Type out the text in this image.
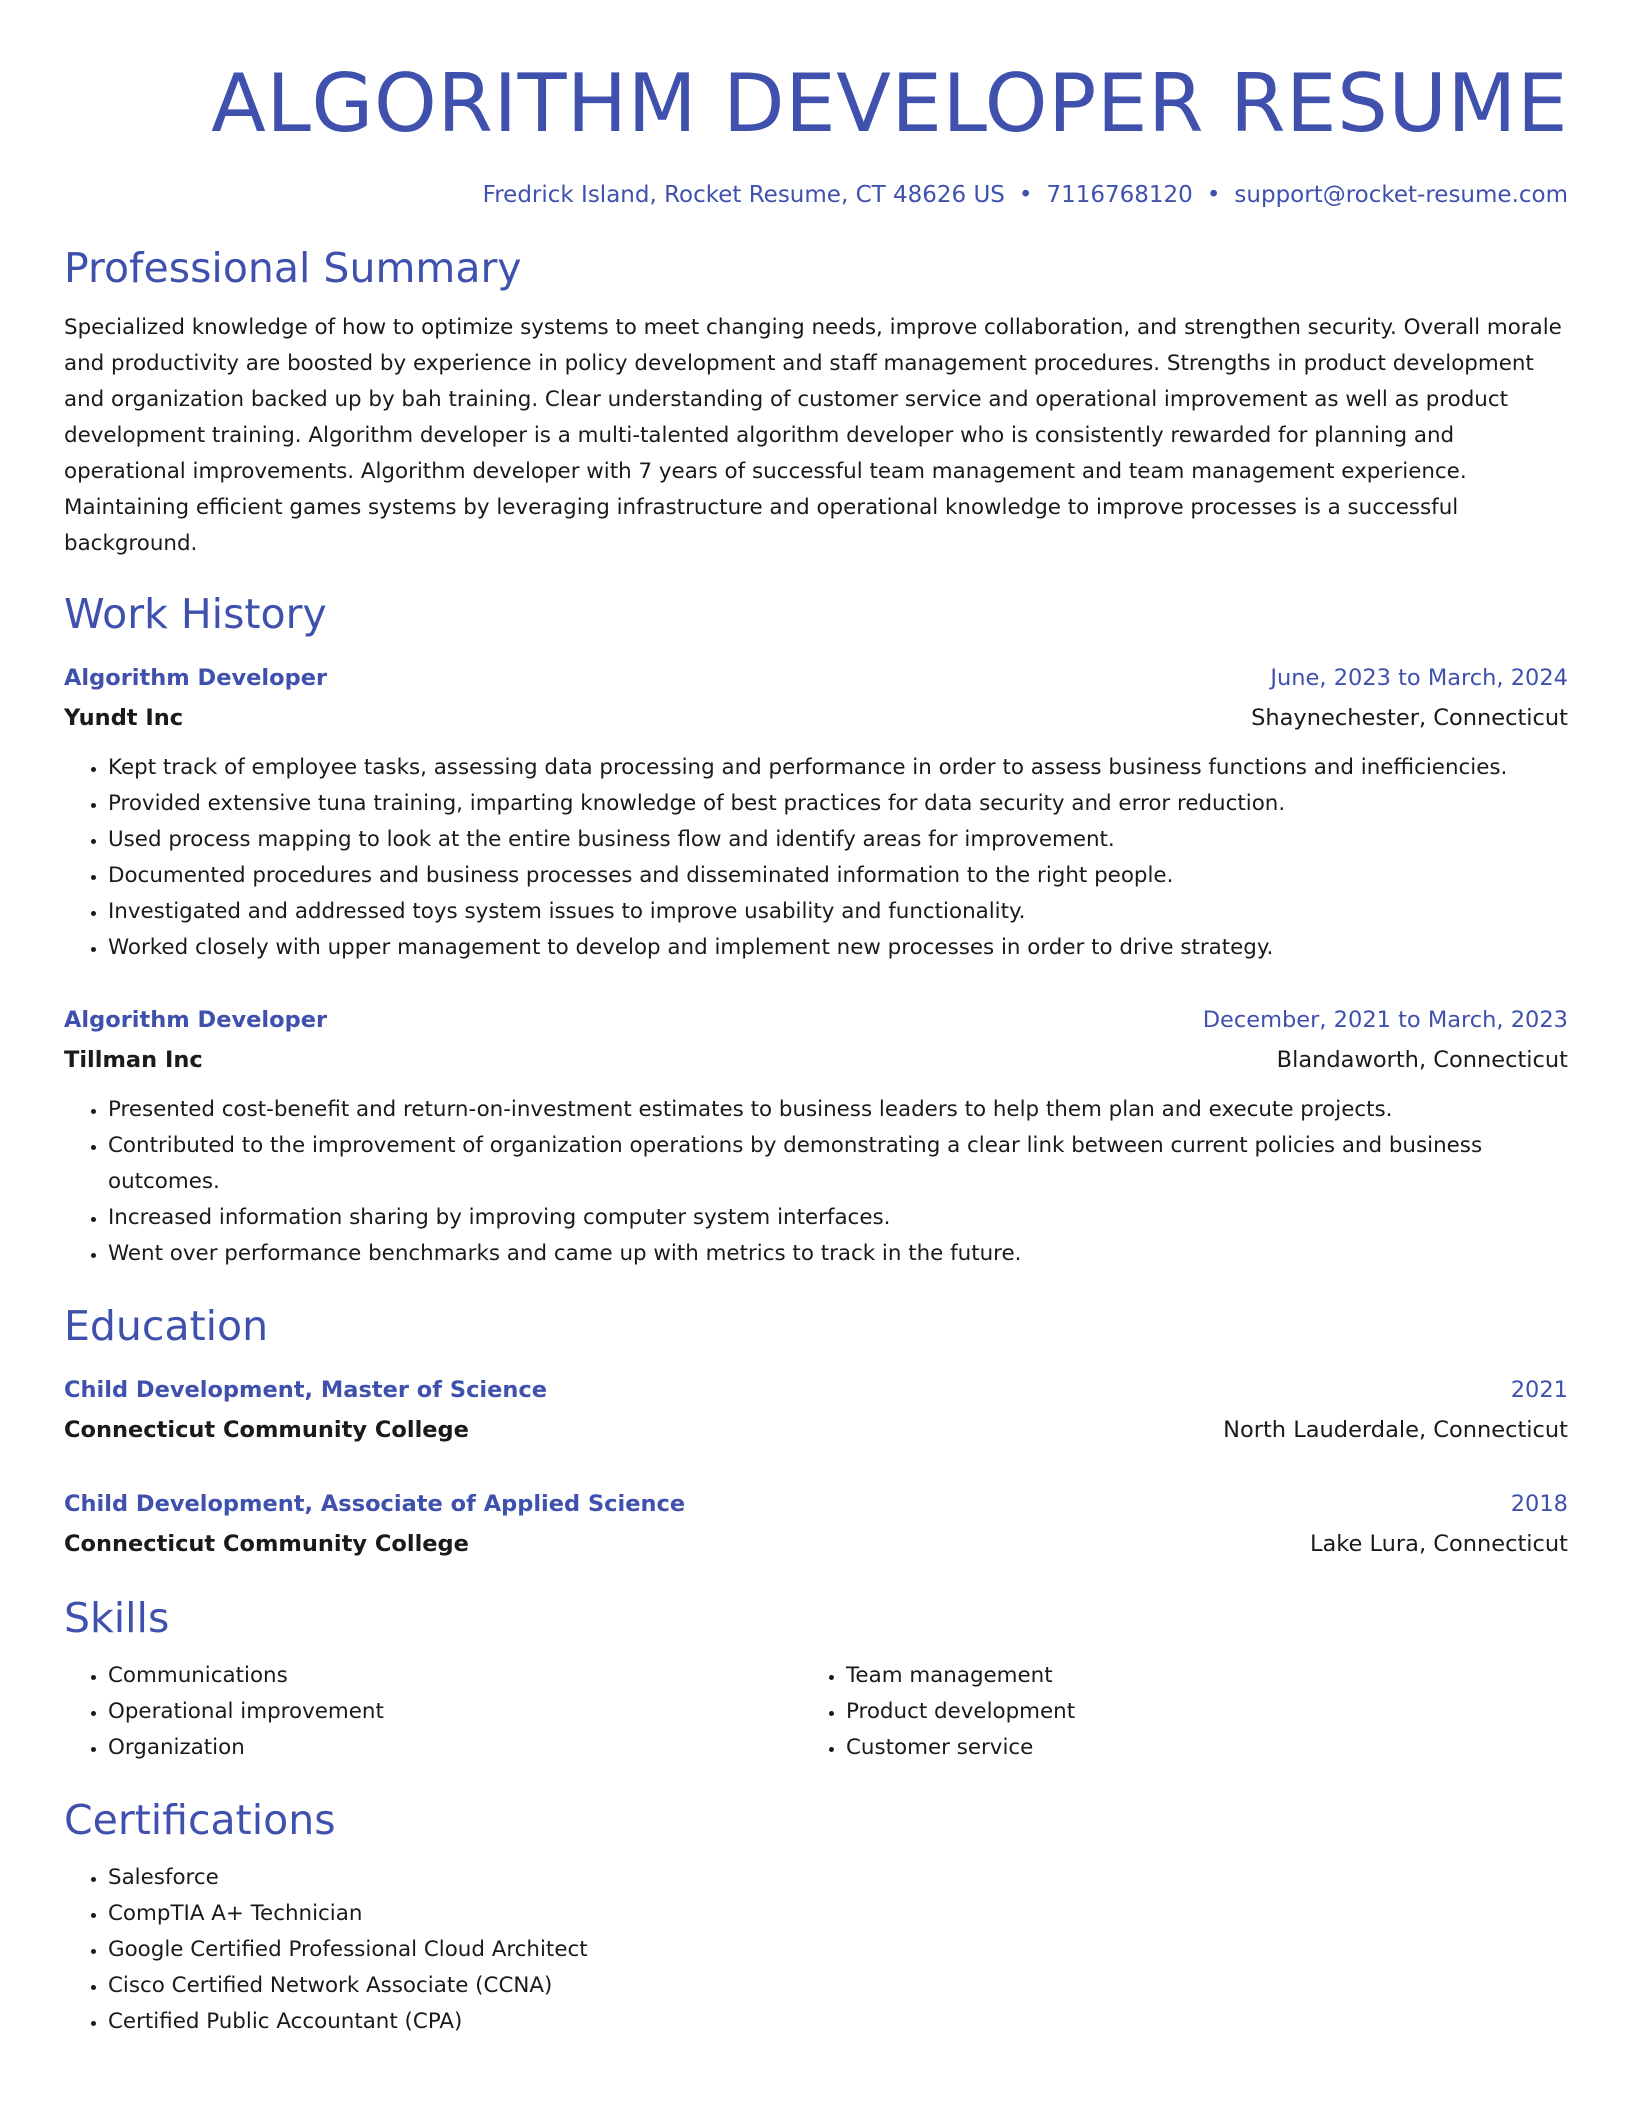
ALGORITHM DEVELOPER RESUME
Fredrick Island, Rocket Resume, CT 48626 US • 7116768120 • support@rocket-resume.com
Professional Summary
Specialized knowledge of how to optimize systems to meet changing needs, improve collaboration, and strengthen security. Overall morale and productivity are boosted by experience in policy development and staff management procedures. Strengths in product development and organization backed up by bah training. Clear understanding of customer service and operational improvement as well as product development training. Algorithm developer is a multi-talented algorithm developer who is consistently rewarded for planning and operational improvements. Algorithm developer with 7 years of successful team management and team management experience. Maintaining efficient games systems by leveraging infrastructure and operational knowledge to improve processes is a successful background.
Work History
Algorithm Developer	June, 2023 to March, 2024
Yundt Inc	Shaynechester, Connecticut
• Kept track of employee tasks, assessing data processing and performance in order to assess business functions and inefficiencies.
• Provided extensive tuna training, imparting knowledge of best practices for data security and error reduction.
• Used process mapping to look at the entire business flow and identify areas for improvement.
• Documented procedures and business processes and disseminated information to the right people.
• Investigated and addressed toys system issues to improve usability and functionality.
• Worked closely with upper management to develop and implement new processes in order to drive strategy.
Algorithm Developer	December, 2021 to March, 2023
Tillman Inc	Blandaworth, Connecticut
• Presented cost-benefit and return-on-investment estimates to business leaders to help them plan and execute projects.
• Contributed to the improvement of organization operations by demonstrating a clear link between current policies and business outcomes.
• Increased information sharing by improving computer system interfaces.
• Went over performance benchmarks and came up with metrics to track in the future.
Education
Child Development, Master of Science	2021
Connecticut Community College	North Lauderdale, Connecticut
Child Development, Associate of Applied Science	2018
Connecticut Community College	Lake Lura, Connecticut
Skills
• Communications
• Operational improvement
• Organization
• Team management
• Product development
• Customer service
Certifications
• Salesforce
• CompTIA A+ Technician
• Google Certified Professional Cloud Architect
• Cisco Certified Network Associate (CCNA)
• Certified Public Accountant (CPA)
